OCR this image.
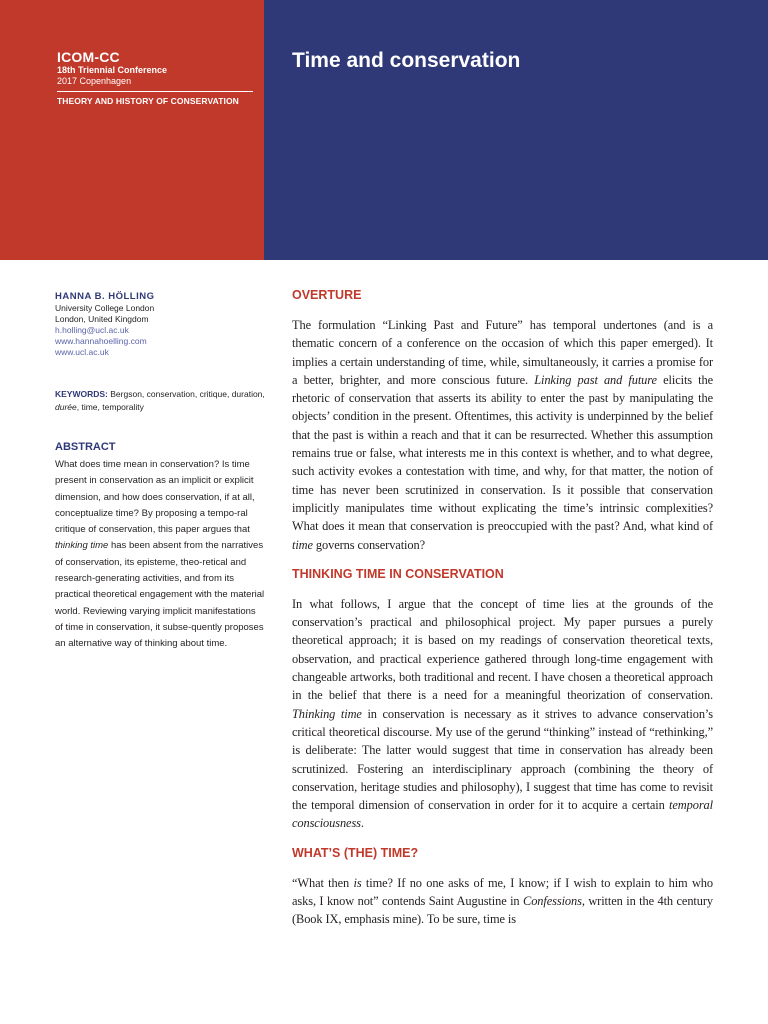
ICOM-CC
18th Triennial Conference
2017 Copenhagen
THEORY AND HISTORY OF CONSERVATION
Time and conservation
HANNA B. HÖLLING
University College London
London, United Kingdom
h.holling@ucl.ac.uk
www.hannahoelling.com
www.ucl.ac.uk
KEYWORDS: Bergson, conservation, critique, duration, durée, time, temporality
ABSTRACT
What does time mean in conservation? Is time present in conservation as an implicit or explicit dimension, and how does conservation, if at all, conceptualize time? By proposing a tempo-ral critique of conservation, this paper argues that thinking time has been absent from the narratives of conservation, its episteme, theo-retical and research-generating activities, and from its practical theoretical engagement with the material world. Reviewing varying implicit manifestations of time in conservation, it subse-quently proposes an alternative way of thinking about time.
OVERTURE

The formulation “Linking Past and Future” has temporal undertones (and is a thematic concern of a conference on the occasion of which this paper emerged). It implies a certain understanding of time, while, simultaneously, it carries a promise for a better, brighter, and more conscious future. Linking past and future elicits the rhetoric of conservation that asserts its ability to enter the past by manipulating the objects’ condition in the present. Oftentimes, this activity is underpinned by the belief that the past is within a reach and that it can be resurrected. Whether this assumption remains true or false, what interests me in this context is whether, and to what degree, such activity evokes a contestation with time, and why, for that matter, the notion of time has never been scrutinized in conservation. Is it possible that conservation implicitly manipulates time without explicating the time’s intrinsic complexities? What does it mean that conservation is preoccupied with the past? And, what kind of time governs conservation?

THINKING TIME IN CONSERVATION

In what follows, I argue that the concept of time lies at the grounds of the conservation’s practical and philosophical project. My paper pursues a purely theoretical approach; it is based on my readings of conservation theoretical texts, observation, and practical experience gathered through long-time engagement with changeable artworks, both traditional and recent. I have chosen a theoretical approach in the belief that there is a need for a meaningful theorization of conservation. Thinking time in conservation is necessary as it strives to advance conservation’s critical theoretical discourse. My use of the gerund “thinking” instead of “rethinking,” is deliberate: The latter would suggest that time in conservation has already been scrutinized. Fostering an interdisciplinary approach (combining the theory of conservation, heritage studies and philosophy), I suggest that time has come to revisit the temporal dimension of conservation in order for it to acquire a certain temporal consciousness.

WHAT’S (THE) TIME?

“What then is time? If no one asks of me, I know; if I wish to explain to him who asks, I know not” contends Saint Augustine in Confessions, written in the 4th century (Book IX, emphasis mine). To be sure, time is
